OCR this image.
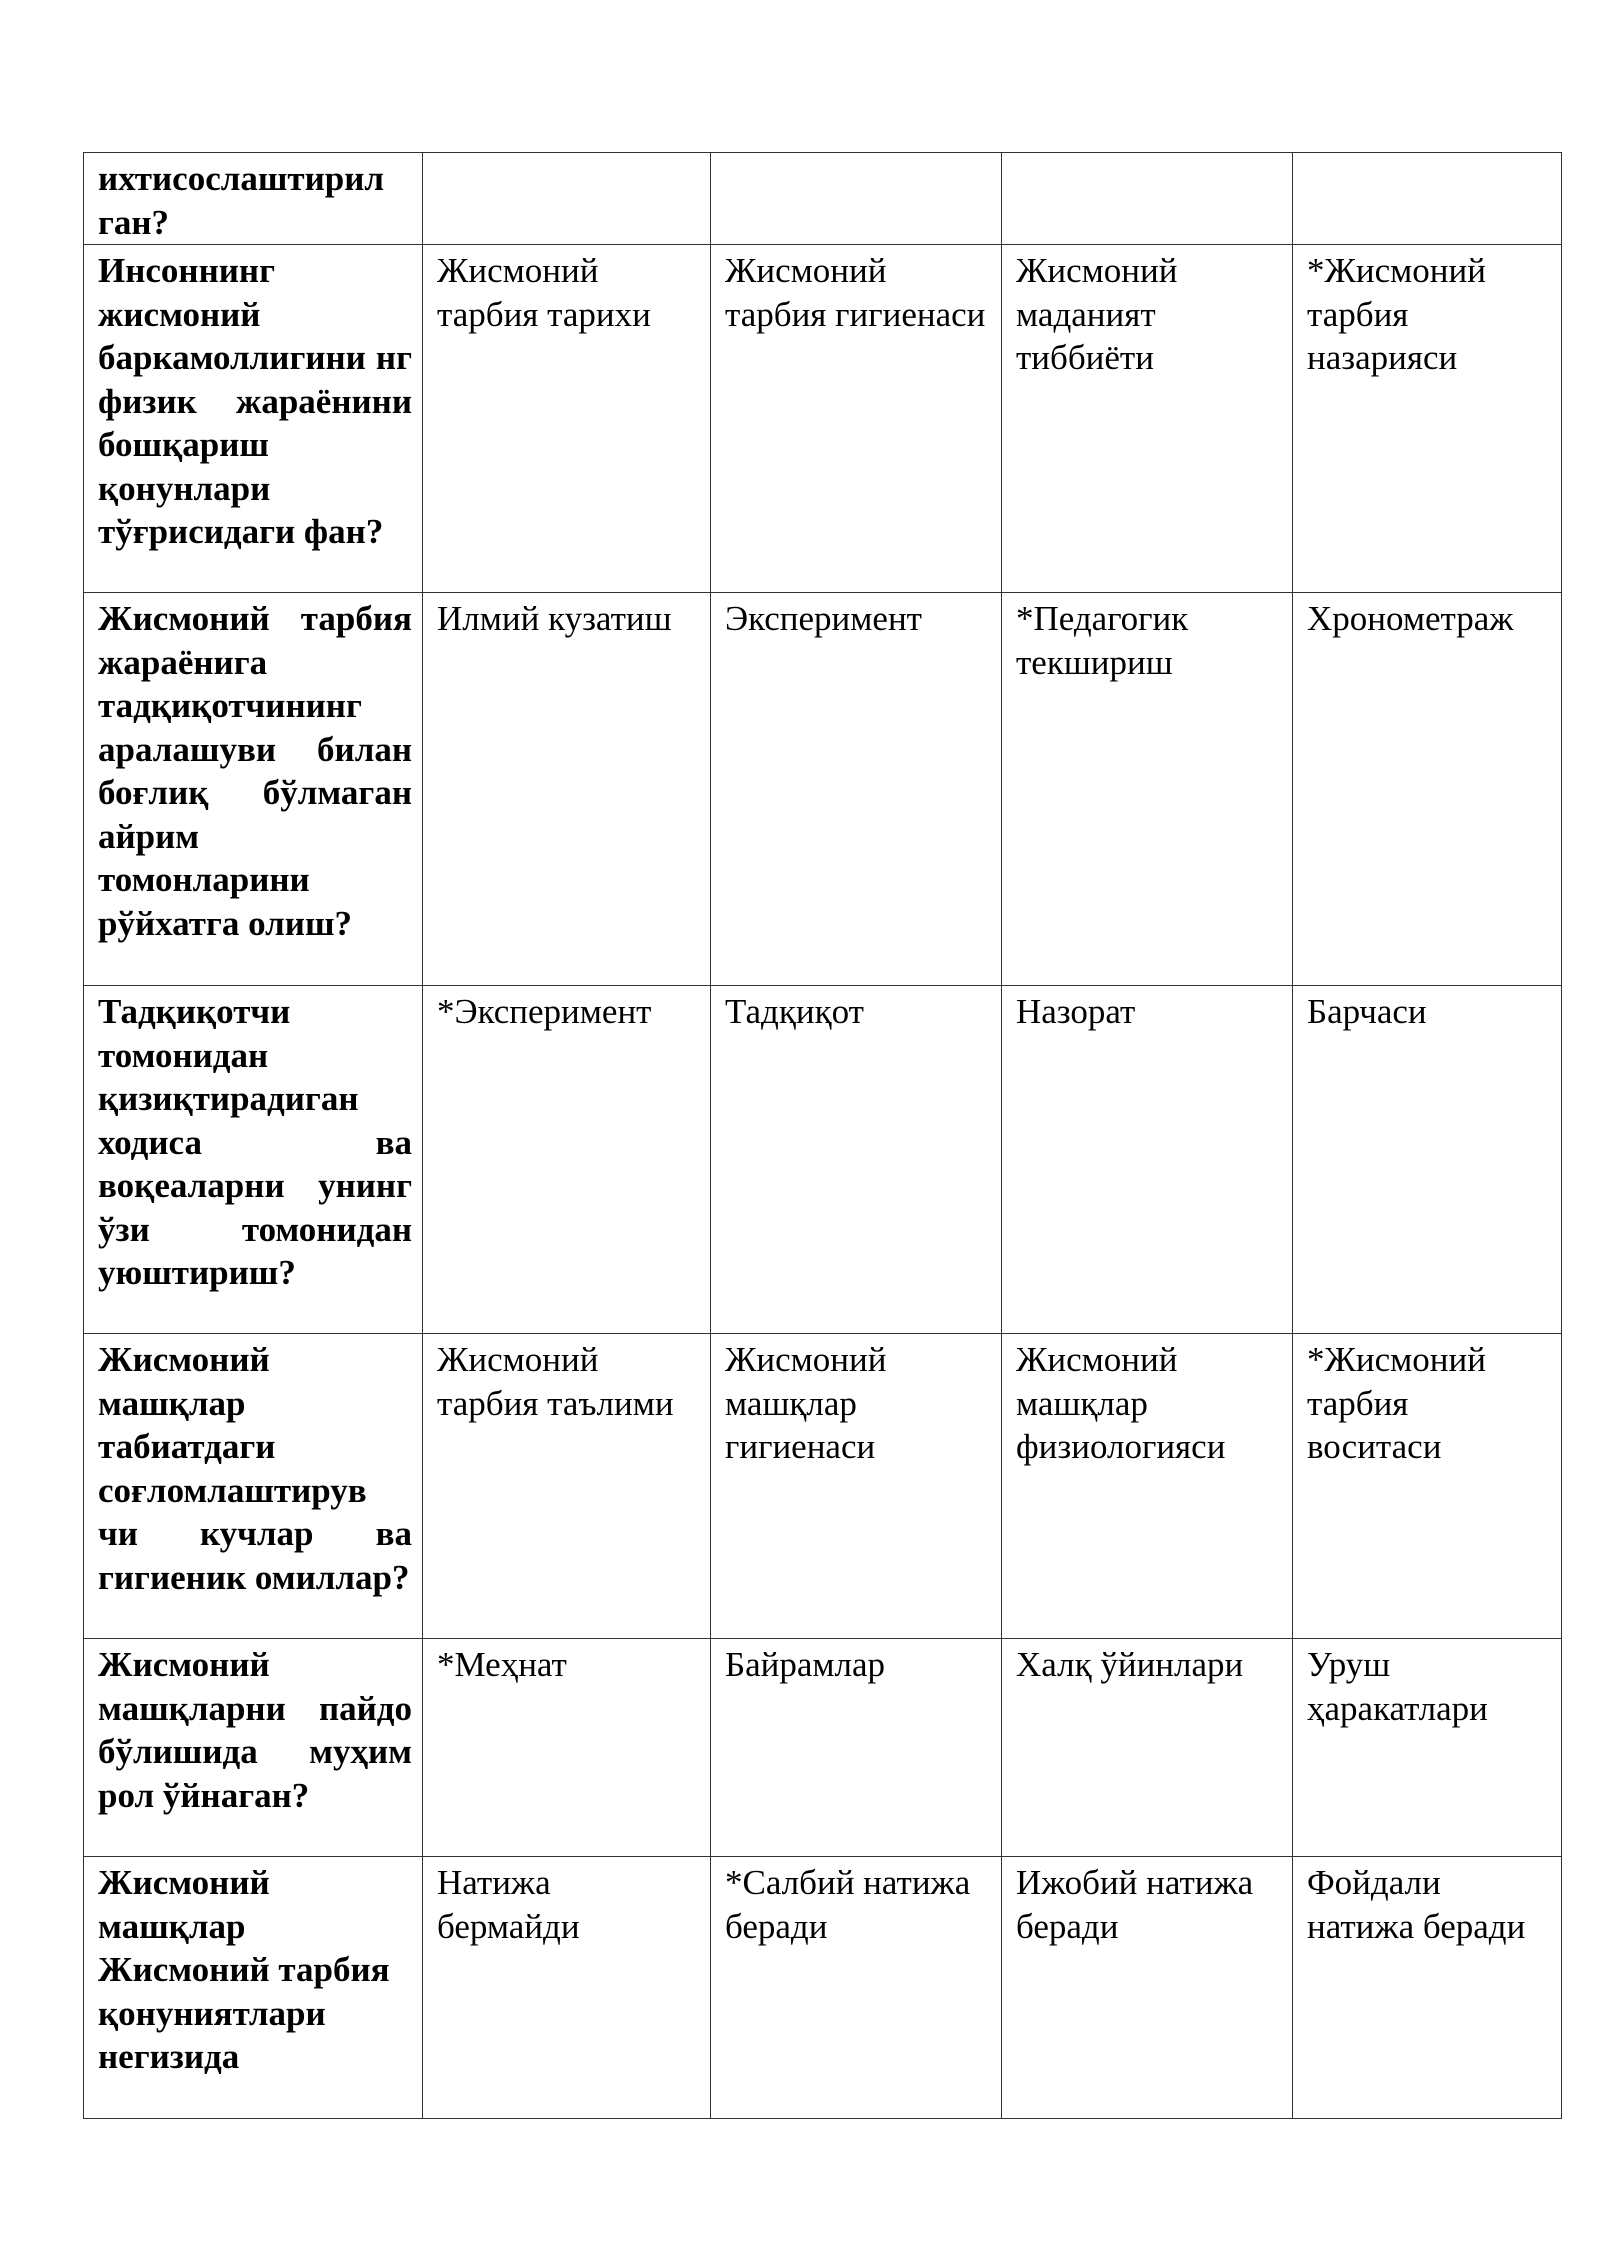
ихтисослаштирил ган?				

Инсоннинг жисмоний баркамоллигини нг физик жараёнини бошқариш қонунлари тўғрисидаги фан?	Жисмоний тарбия тарихи	Жисмоний тарбия гигиенаси	Жисмоний маданият тиббиёти	*Жисмоний тарбия назарияси

Жисмоний тарбия жараёнига тадқиқотчининг аралашуви билан боғлиқ бўлмаган айрим томонларини рўйхатга олиш?	Илмий кузатиш	Эксперимент	*Педагогик текшириш	Хронометраж

Тадқиқотчи томонидан қизиқтирадиган ходиса ва воқеаларни унинг ўзи томонидан уюштириш?	*Эксперимент	Тадқиқот	Назорат	Барчаси

Жисмоний машқлар табиатдаги соғломлаштирув чи кучлар ва гигиеник омиллар?	Жисмоний тарбия таълими	Жисмоний машқлар гигиенаси	Жисмоний машқлар физиологияси	*Жисмоний тарбия воситаси

Жисмоний машқларни пайдо бўлишида муҳим рол ўйнаган?	*Меҳнат	Байрамлар	Халқ ўйинлари	Уруш ҳаракатлари

Жисмоний машқлар Жисмоний тарбия қонуниятлари негизида	Натижа бермайди	*Салбий натижа беради	Ижобий натижа беради	Фойдали натижа беради
